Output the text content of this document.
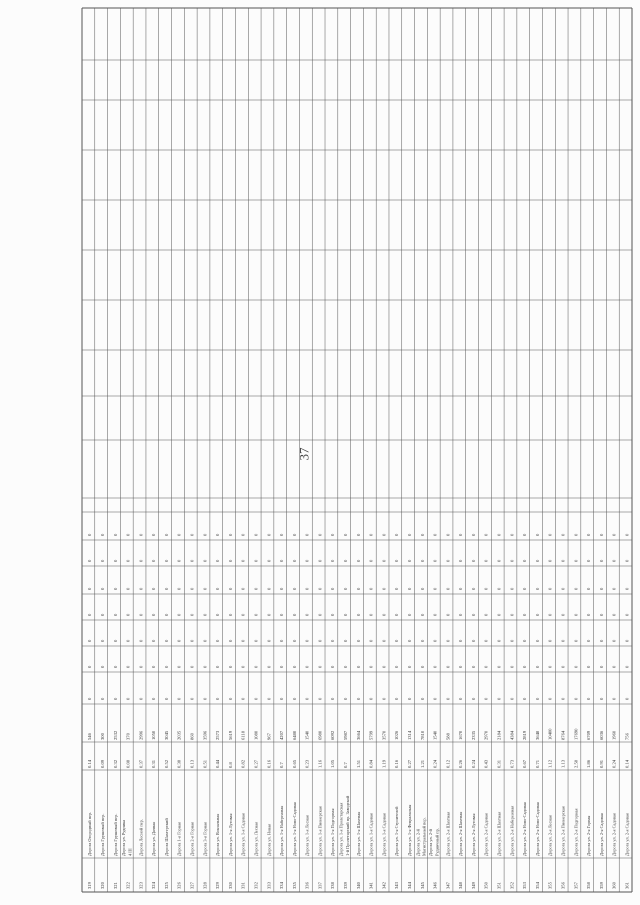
319
Дорога Огородный пер.
0.14
546
0
0
0
0
0
0
0
320
Дорога Грушевый пер.
0.09
300
0
0
0
0
0
0
0
321
Дорога Грушевый пер.
0.32
2532
0
0
0
0
0
0
0
322
Дорога ул. Рудника 4 III
0.08
370
0
0
0
0
0
0
0
323
Дорога Лесной пер.
0.37
2996
0
0
0
0
0
0
0
324
Дорога ул. Дачная
0.31
1050
0
0
0
0
0
0
0
325
Дорога Шахтерский
0.52
3045
0
0
0
0
0
0
0
326
Дорога 1-я Горная
0.38
2035
0
0
0
0
0
0
0
327
Дорога 2-я Горная
0.13
860
0
0
0
0
0
0
0
328
Дорога 3-я Горная
0.51
3596
0
0
0
0
0
0
0
329
Дорога ул. Вокзальная
0.44
2573
0
0
0
0
0
0
0
330
Дорога ул. 1-я Луговая
0.8
5619
0
0
0
0
0
0
0
331
Дорога ул. 1-я Садовая
0.82
6118
0
0
0
0
0
0
0
332
Дорога ул. Лесная
0.27
1080
0
0
0
0
0
0
0
333
Дорога ул. Новая
0.16
967
0
0
0
0
0
0
0
334
Дорога ул. 1-я Набережная
0.7
4207
0
0
0
0
0
0
0
335
Дорога ул. 1-я Ново-Садовая
0.65
6480
0
0
0
0
0
0
0
336
Дорога ул. 1-я Лесная
0.23
1540
0
0
0
0
0
0
0
337
Дорога ул. 1-я Пионерская
1.16
6980
0
0
0
0
0
0
0
338
Дорога ул. 1-я Подгорная
1.05
6092
0
0
0
0
0
0
0
339
Дорога ул. 1-я Пролетарская 1-й Пролетарский пр. Заводской
0.7
5987
0
0
0
0
0
0
0
340
Дорога ул. 1-я Шахтная
1.51
3664
0
0
0
0
0
0
0
341
Дорога ул. 1-я Садовая
0.84
5799
0
0
0
0
0
0
0
342
Дорога ул. 1-я Садовая
1.19
3570
0
0
0
0
0
0
0
343
Дорога ул. 1-я Строителей
0.16
1026
0
0
0
0
0
0
0
344
Дорога ул. 1-я Февральская
0.27
1314
0
0
0
0
0
0
0
345
Дорога ул. 2-й Магистральный пер.
1.21
7810
0
0
0
0
0
0
0
346
Дорога ул. 2-й Рудничный пр.
0.24
1540
0
0
0
0
0
0
0
347
Дорога ул. 2-я Шахтная
0.12
588
0
0
0
0
0
0
0
348
Дорога ул. 2-я Шахтная
0.26
1670
0
0
0
0
0
0
0
349
Дорога ул. 2-я Луговая
0.24
2335
0
0
0
0
0
0
0
350
Дорога ул. 2-я Садовая
0.43
2970
0
0
0
0
0
0
0
351
Дорога ул. 2-я Шахтная
0.31
2184
0
0
0
0
0
0
0
352
Дорога ул. 2-я Набережная
0.73
4384
0
0
0
0
0
0
0
353
Дорога ул. 2-я Ново-Садовая
0.67
2819
0
0
0
0
0
0
0
354
Дорога ул. 2-я Ново-Садовая
0.71
3648
0
0
0
0
0
0
0
355
Дорога ул. 2-я Лесная
1.12
10400
0
0
0
0
0
0
0
356
Дорога ул. 2-я Пионерская
1.13
8764
0
0
0
0
0
0
0
357
Дорога ул. 2-я Подгорная
2.58
17690
0
0
0
0
0
0
0
358
Дорога ул. 2-я Горная
1.86
6709
0
0
0
0
0
0
0
359
Дорога ул. 2-я Садовая
0.91
6036
0
0
0
0
0
0
0
360
Дорога ул. 2-я Садовая
0.24
1960
0
0
0
0
0
0
0
361
Дорога ул. 2-я Садовая
0.14
756
0
0
0
0
0
0
0
37
